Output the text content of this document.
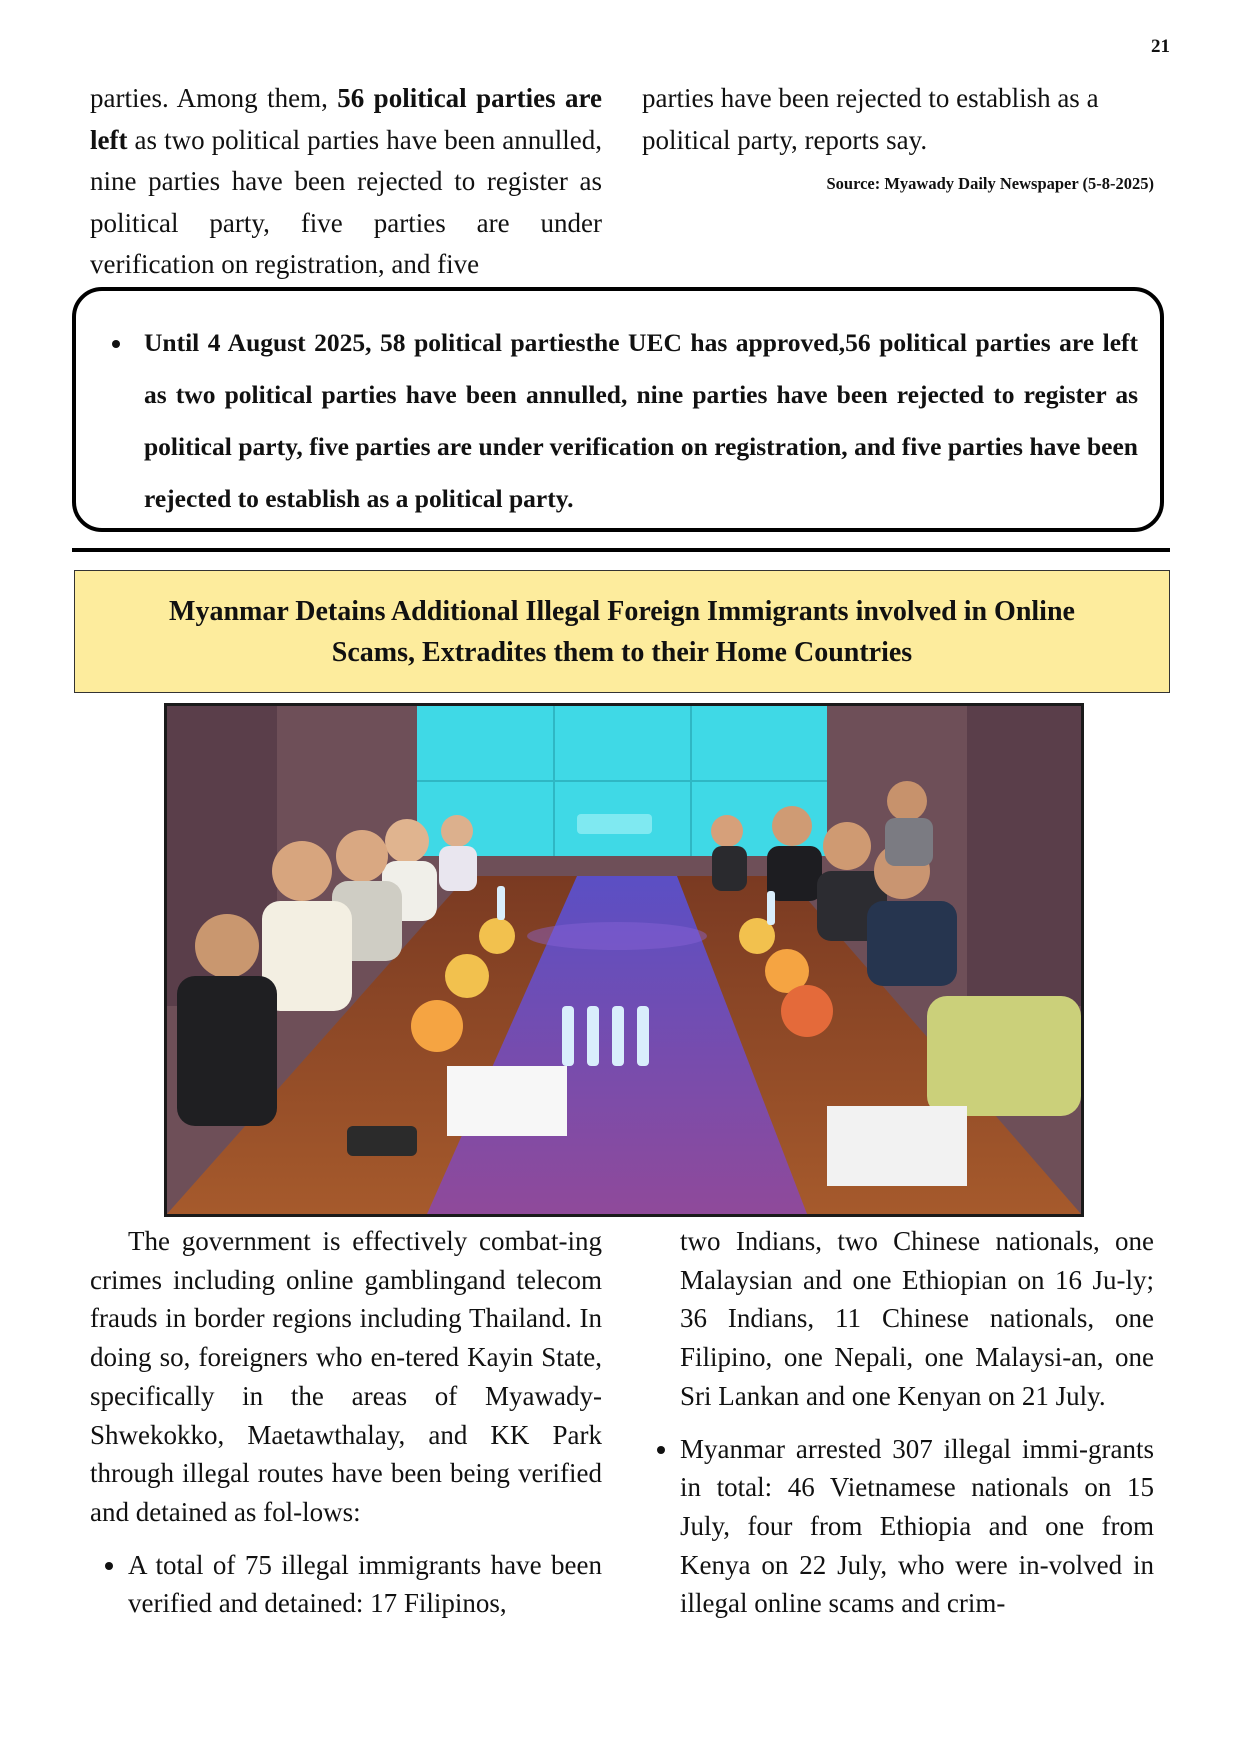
21

parties. Among them, 56 political parties are left as two political parties have been annulled, nine parties have been rejected to register as political party, five parties are under verification on registration, and five

parties have been rejected to establish as a political party, reports say.

Source: Myawady Daily Newspaper (5-8-2025)
• Until 4 August 2025, 58 political partiesthe UEC has approved,56 political parties are left as two political parties have been annulled, nine parties have been rejected to register as political party, five parties are under verification on registration, and five parties have been rejected to establish as a political party.
Myanmar Detains Additional Illegal Foreign Immigrants involved in Online
Scams, Extradites them to their Home Countries

The government is effectively combat-ing crimes including online gamblingand telecom frauds in border regions including Thailand. In doing so, foreigners who en-tered Kayin State, specifically in the areas of Myawady-Shwekokko, Maetawthalay, and KK Park through illegal routes have been being verified and detained as fol-lows:

• A total of 75 illegal immigrants have been verified and detained: 17 Filipinos,

two Indians, two Chinese nationals, one Malaysian and one Ethiopian on 16 Ju-ly; 36 Indians, 11 Chinese nationals, one Filipino, one Nepali, one Malaysi-an, one Sri Lankan and one Kenyan on 21 July.

• Myanmar arrested 307 illegal immi-grants in total: 46 Vietnamese nationals on 15 July, four from Ethiopia and one from Kenya on 22 July, who were in-volved in illegal online scams and crim-
